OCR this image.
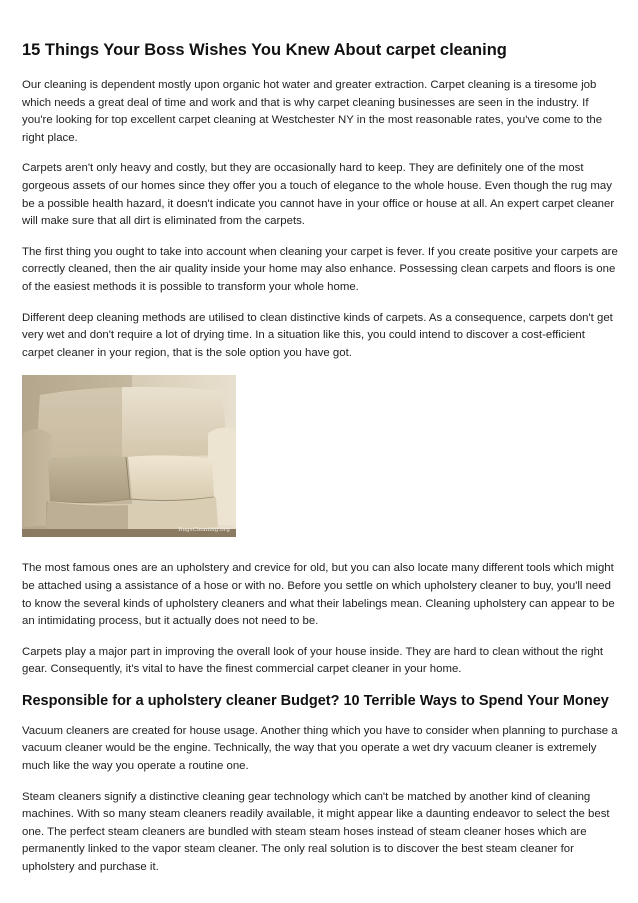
15 Things Your Boss Wishes You Knew About carpet cleaning

Our cleaning is dependent mostly upon organic hot water and greater extraction. Carpet cleaning is a tiresome job which needs a great deal of time and work and that is why carpet cleaning businesses are seen in the industry. If you're looking for top excellent carpet cleaning at Westchester NY in the most reasonable rates, you've come to the right place.

Carpets aren't only heavy and costly, but they are occasionally hard to keep. They are definitely one of the most gorgeous assets of our homes since they offer you a touch of elegance to the whole house. Even though the rug may be a possible health hazard, it doesn't indicate you cannot have in your office or house at all. An expert carpet cleaner will make sure that all dirt is eliminated from the carpets.

The first thing you ought to take into account when cleaning your carpet is fever. If you create positive your carpets are correctly cleaned, then the air quality inside your home may also enhance. Possessing clean carpets and floors is one of the easiest methods it is possible to transform your whole home.

Different deep cleaning methods are utilised to clean distinctive kinds of carpets. As a consequence, carpets don't get very wet and don't require a lot of drying time. In a situation like this, you could intend to discover a cost-efficient carpet cleaner in your region, that is the sole option you have got.

RugsCleaning.org

The most famous ones are an upholstery and crevice for old, but you can also locate many different tools which might be attached using a assistance of a hose or with no. Before you settle on which upholstery cleaner to buy, you'll need to know the several kinds of upholstery cleaners and what their labelings mean. Cleaning upholstery can appear to be an intimidating process, but it actually does not need to be.

Carpets play a major part in improving the overall look of your house inside. They are hard to clean without the right gear. Consequently, it's vital to have the finest commercial carpet cleaner in your home.

Responsible for a upholstery cleaner Budget? 10 Terrible Ways to Spend Your Money

Vacuum cleaners are created for house usage. Another thing which you have to consider when planning to purchase a vacuum cleaner would be the engine. Technically, the way that you operate a wet dry vacuum cleaner is extremely much like the way you operate a routine one.

Steam cleaners signify a distinctive cleaning gear technology which can't be matched by another kind of cleaning machines. With so many steam cleaners readily available, it might appear like a daunting endeavor to select the best one. The perfect steam cleaners are bundled with steam steam hoses instead of steam cleaner hoses which are permanently linked to the vapor steam cleaner. The only real solution is to discover the best steam cleaner for upholstery and purchase it.
